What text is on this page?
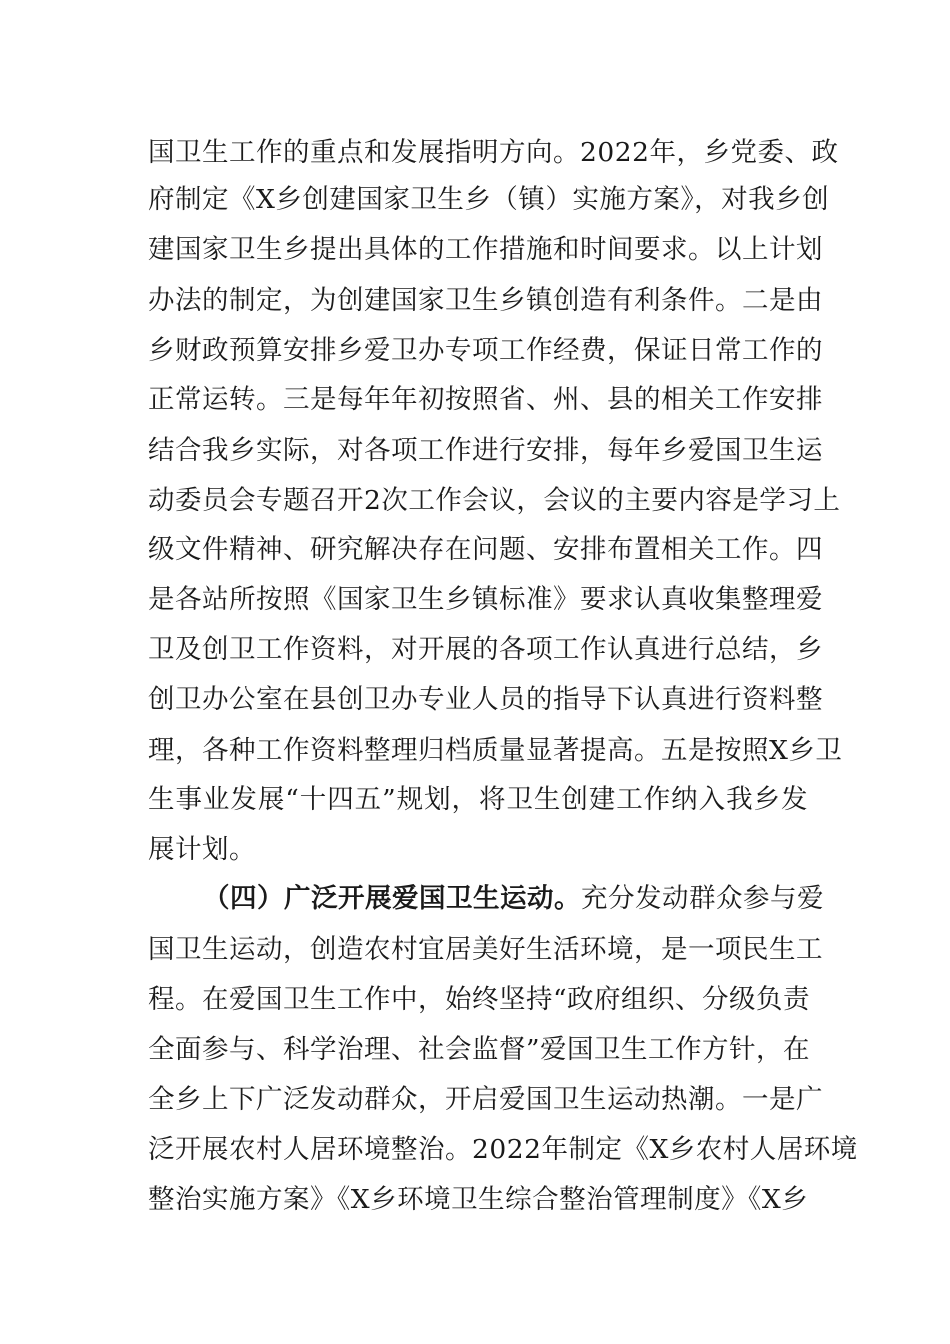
国卫生工作的重点和发展指明方向。2022年，乡党委、政
府制定《X乡创建国家卫生乡（镇）实施方案》，对我乡创
建国家卫生乡提出具体的工作措施和时间要求。以上计划
办法的制定，为创建国家卫生乡镇创造有利条件。二是由
乡财政预算安排乡爱卫办专项工作经费，保证日常工作的
正常运转。三是每年年初按照省、州、县的相关工作安排
结合我乡实际，对各项工作进行安排，每年乡爱国卫生运
动委员会专题召开2次工作会议，会议的主要内容是学习上
级文件精神、研究解决存在问题、安排布置相关工作。四
是各站所按照《国家卫生乡镇标准》要求认真收集整理爱
卫及创卫工作资料，对开展的各项工作认真进行总结，乡
创卫办公室在县创卫办专业人员的指导下认真进行资料整
理，各种工作资料整理归档质量显著提高。五是按照X乡卫
生事业发展“十四五”规划，将卫生创建工作纳入我乡发
展计划。
（四）广泛开展爱国卫生运动。充分发动群众参与爱
国卫生运动，创造农村宜居美好生活环境，是一项民生工
程。在爱国卫生工作中，始终坚持“政府组织、分级负责
全面参与、科学治理、社会监督”爱国卫生工作方针，在
全乡上下广泛发动群众，开启爱国卫生运动热潮。一是广
泛开展农村人居环境整治。2022年制定《X乡农村人居环境
整治实施方案》《X乡环境卫生综合整治管理制度》《X乡
